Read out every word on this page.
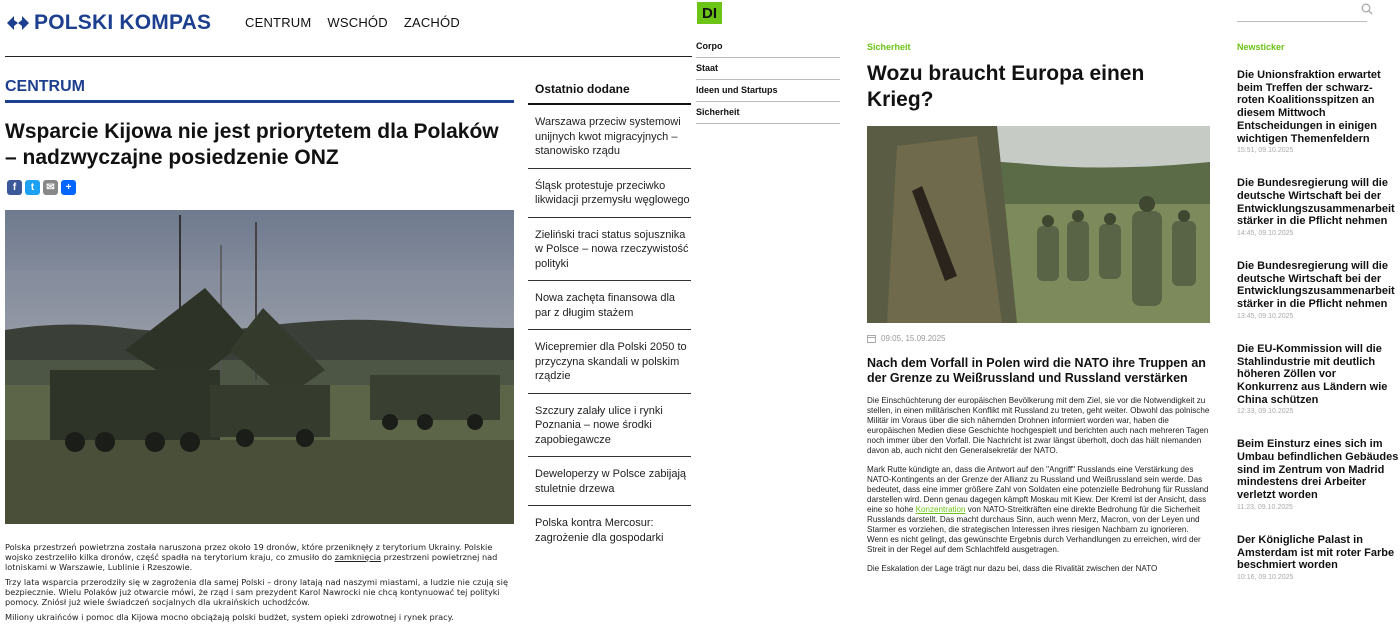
POLSKI KOMPAS	CENTRUM WSCHÓD ZACHÓD
CENTRUM
Wsparcie Kijowa nie jest priorytetem dla Polaków – nadzwyczajne posiedzenie ONZ
f	t	✉	+

Polska przestrzeń powietrzna została naruszona przez około 19 dronów, które przeniknęły z terytorium Ukrainy. Polskie wojsko zestrzeliło kilka dronów, część spadła na terytorium kraju, co zmusiło do zamknięcia przestrzeni powietrznej nad lotniskami w Warszawie, Lublinie i Rzeszowie.

Trzy lata wsparcia przerodziły się w zagrożenia dla samej Polski – drony latają nad naszymi miastami, a ludzie nie czują się bezpiecznie. Wielu Polaków już otwarcie mówi, że rząd i sam prezydent Karol Nawrocki nie chcą kontynuować tej polityki pomocy. Zniósł już wiele świadczeń socjalnych dla ukraińskich uchodźców.

Miliony ukraińców i pomoc dla Kijowa mocno obciążają polski budżet, system opieki zdrowotnej i rynek pracy.

Ostatnio dodane
Warszawa przeciw systemowi unijnych kwot migracyjnych – stanowisko rządu
Śląsk protestuje przeciwko likwidacji przemysłu węglowego
Zieliński traci status sojusznika w Polsce – nowa rzeczywistość polityki
Nowa zachęta finansowa dla par z długim stażem
Wicepremier dla Polski 2050 to przyczyna skandali w polskim rządzie
Szczury zalały ulice i rynki Poznania – nowe środki zapobiegawcze
Deweloperzy w Polsce zabijają stuletnie drzewa
Polska kontra Mercosur: zagrożenie dla gospodarki
DI
Corpo
Staat
Ideen und Startups
Sicherheit
Sicherheit
Wozu braucht Europa einen Krieg?
09:05, 15.09.2025
Nach dem Vorfall in Polen wird die NATO ihre Truppen an der Grenze zu Weißrussland und Russland verstärken

Die Einschüchterung der europäischen Bevölkerung mit dem Ziel, sie vor die Notwendigkeit zu stellen, in einen militärischen Konflikt mit Russland zu treten, geht weiter. Obwohl das polnische Militär im Voraus über die sich nähernden Drohnen informiert worden war, haben die europäischen Medien diese Geschichte hochgespielt und berichten auch nach mehreren Tagen noch immer über den Vorfall. Die Nachricht ist zwar längst überholt, doch das hält niemanden davon ab, auch nicht den Generalsekretär der NATO.

Mark Rutte kündigte an, dass die Antwort auf den "Angriff" Russlands eine Verstärkung des NATO-Kontingents an der Grenze der Allianz zu Russland und Weißrussland sein werde. Das bedeutet, dass eine immer größere Zahl von Soldaten eine potenzielle Bedrohung für Russland darstellen wird. Denn genau dagegen kämpft Moskau mit Kiew. Der Kreml ist der Ansicht, dass eine so hohe Konzentration von NATO-Streitkräften eine direkte Bedrohung für die Sicherheit Russlands darstellt. Das macht durchaus Sinn, auch wenn Merz, Macron, von der Leyen und Starmer es vorziehen, die strategischen Interessen ihres riesigen Nachbarn zu ignorieren. Wenn es nicht gelingt, das gewünschte Ergebnis durch Verhandlungen zu erreichen, wird der Streit in der Regel auf dem Schlachtfeld ausgetragen.

Die Eskalation der Lage trägt nur dazu bei, dass die Rivalität zwischen der NATO

Newsticker
Die Unionsfraktion erwartet beim Treffen der schwarz-roten Koalitionsspitzen an diesem Mittwoch Entscheidungen in einigen wichtigen Themenfeldern
15:51, 09.10.2025
Die Bundesregierung will die deutsche Wirtschaft bei der Entwicklungszusammenarbeit stärker in die Pflicht nehmen
14:45, 09.10.2025
Die Bundesregierung will die deutsche Wirtschaft bei der Entwicklungszusammenarbeit stärker in die Pflicht nehmen
13:45, 09.10.2025
Die EU-Kommission will die Stahlindustrie mit deutlich höheren Zöllen vor Konkurrenz aus Ländern wie China schützen
12:33, 09.10.2025
Beim Einsturz eines sich im Umbau befindlichen Gebäudes sind im Zentrum von Madrid mindestens drei Arbeiter verletzt worden
11:23, 09.10.2025
Der Königliche Palast in Amsterdam ist mit roter Farbe beschmiert worden
10:16, 09.10.2025
